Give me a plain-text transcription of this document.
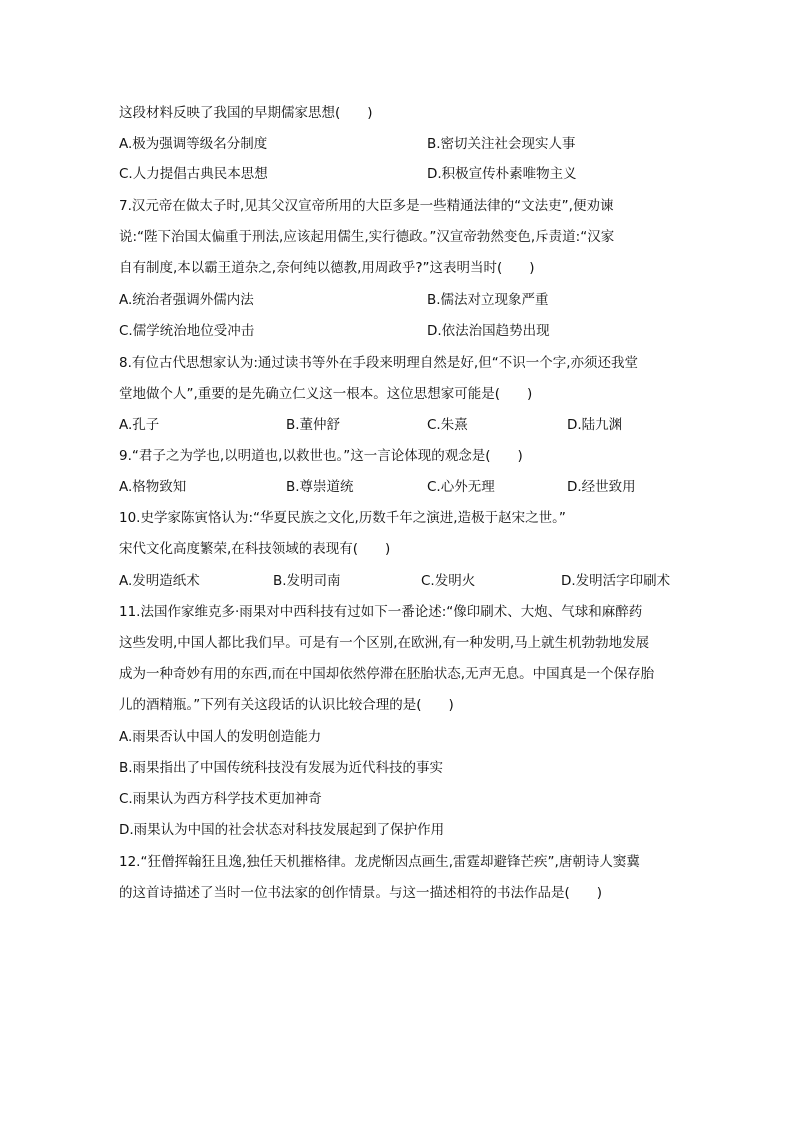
这段材料反映了我国的早期儒家思想(　　)
A.极为强调等级名分制度	B.密切关注社会现实人事
C.人力提倡古典民本思想	D.积极宣传朴素唯物主义
7.汉元帝在做太子时,见其父汉宣帝所用的大臣多是一些精通法律的“文法吏”,便劝谏
说:“陛下治国太偏重于刑法,应该起用儒生,实行德政。”汉宣帝勃然变色,斥责道:“汉家
自有制度,本以霸王道杂之,奈何纯以德教,用周政乎?”这表明当时(　　)
A.统治者强调外儒内法	B.儒法对立现象严重
C.儒学统治地位受冲击	D.依法治国趋势出现
8.有位古代思想家认为:通过读书等外在手段来明理自然是好,但“不识一个字,亦须还我堂
堂地做个人”,重要的是先确立仁义这一根本。这位思想家可能是(　　)
A.孔子	B.董仲舒	C.朱熹	D.陆九渊
9.“君子之为学也,以明道也,以救世也。”这一言论体现的观念是(　　)
A.格物致知	B.尊崇道统	C.心外无理	D.经世致用
10.史学家陈寅恪认为:“华夏民族之文化,历数千年之演进,造极于赵宋之世。”
宋代文化高度繁荣,在科技领域的表现有(　　)
A.发明造纸术	B.发明司南	C.发明火	D.发明活字印刷术
11.法国作家维克多·雨果对中西科技有过如下一番论述:“像印刷术、大炮、气球和麻醉药
这些发明,中国人都比我们早。可是有一个区别,在欧洲,有一种发明,马上就生机勃勃地发展
成为一种奇妙有用的东西,而在中国却依然停滞在胚胎状态,无声无息。中国真是一个保存胎
儿的酒精瓶。”下列有关这段话的认识比较合理的是(　　)
A.雨果否认中国人的发明创造能力
B.雨果指出了中国传统科技没有发展为近代科技的事实
C.雨果认为西方科学技术更加神奇
D.雨果认为中国的社会状态对科技发展起到了保护作用
12.“狂僧挥翰狂且逸,独任天机摧格律。龙虎惭因点画生,雷霆却避锋芒疾”,唐朝诗人窦冀
的这首诗描述了当时一位书法家的创作情景。与这一描述相符的书法作品是(　　)
